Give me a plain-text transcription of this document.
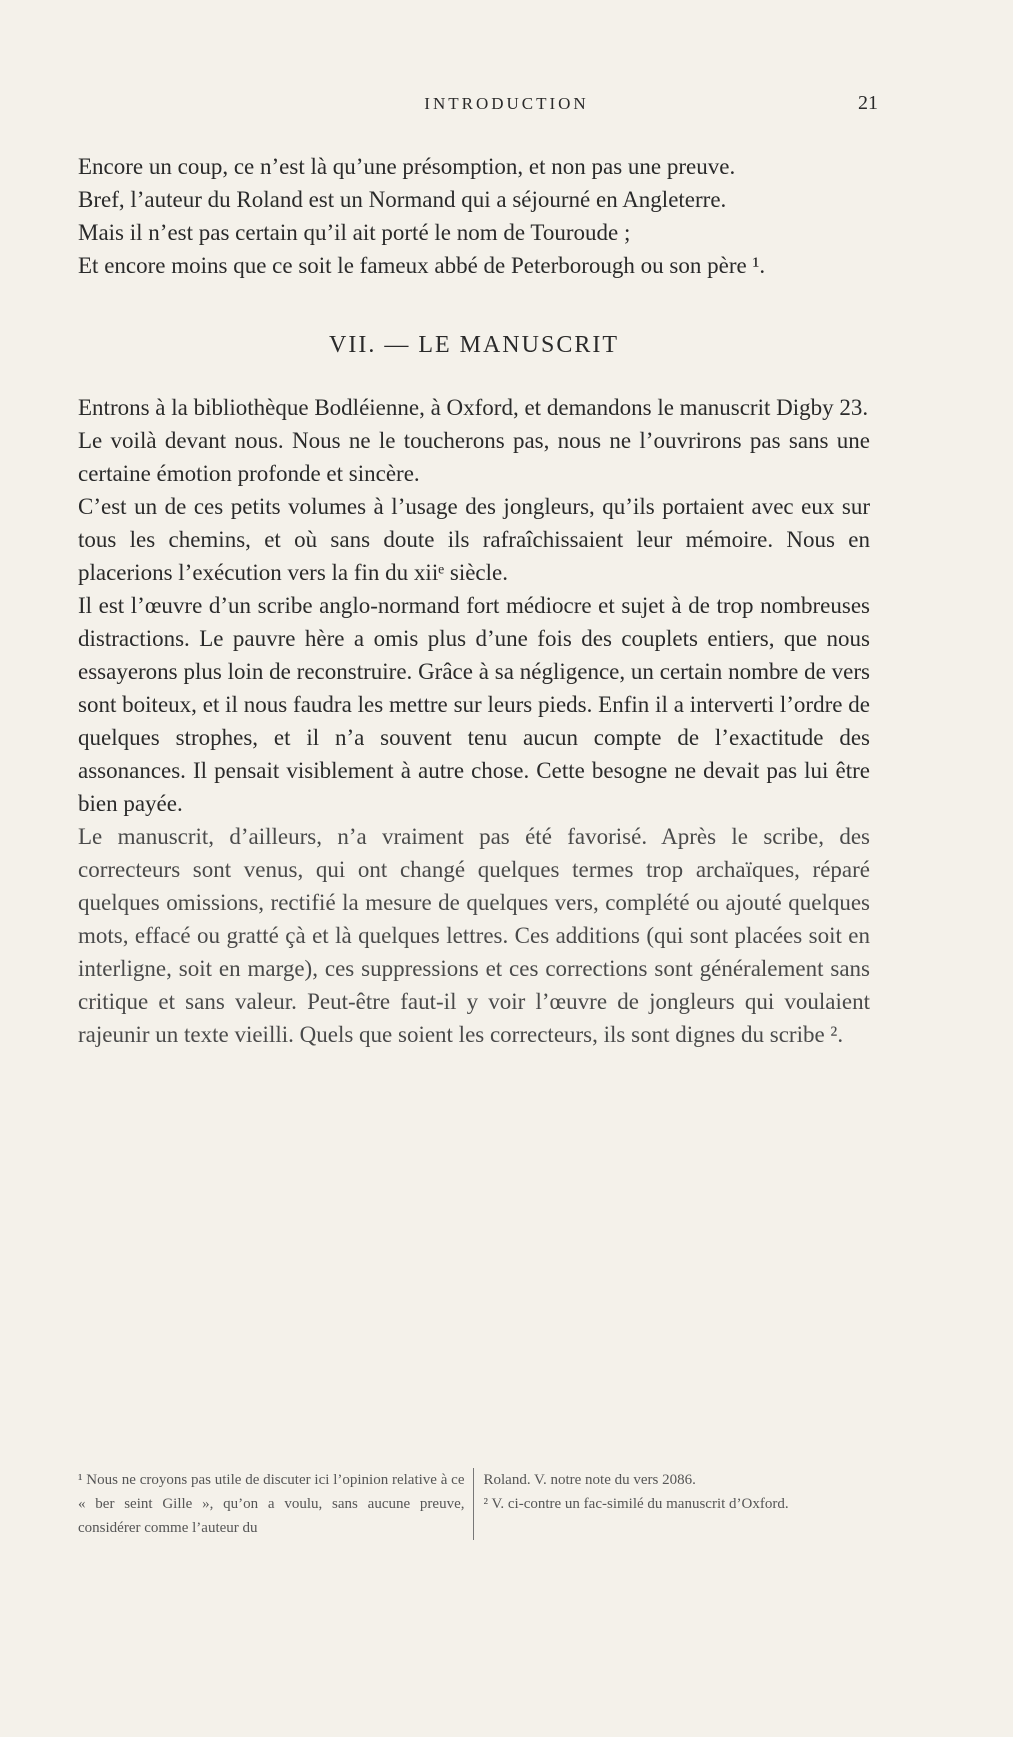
INTRODUCTION	21

Encore un coup, ce n’est là qu’une présomption, et non pas une preuve.

Bref, l’auteur du Roland est un Normand qui a séjourné en Angleterre.

Mais il n’est pas certain qu’il ait porté le nom de Touroude ;

Et encore moins que ce soit le fameux abbé de Peterborough ou son père ¹.

VII. — LE MANUSCRIT

Entrons à la bibliothèque Bodléienne, à Oxford, et demandons le manuscrit Digby 23.

Le voilà devant nous. Nous ne le toucherons pas, nous ne l’ouvrirons pas sans une certaine émotion profonde et sincère.

C’est un de ces petits volumes à l’usage des jongleurs, qu’ils portaient avec eux sur tous les chemins, et où sans doute ils rafraîchissaient leur mémoire. Nous en placerions l’exécution vers la fin du xiiᵉ siècle.

Il est l’œuvre d’un scribe anglo-normand fort médiocre et sujet à de trop nombreuses distractions. Le pauvre hère a omis plus d’une fois des couplets entiers, que nous essayerons plus loin de reconstruire. Grâce à sa négligence, un certain nombre de vers sont boiteux, et il nous faudra les mettre sur leurs pieds. Enfin il a interverti l’ordre de quelques strophes, et il n’a souvent tenu aucun compte de l’exactitude des assonances. Il pensait visiblement à autre chose. Cette besogne ne devait pas lui être bien payée.

Le manuscrit, d’ailleurs, n’a vraiment pas été favorisé. Après le scribe, des correcteurs sont venus, qui ont changé quelques termes trop archaïques, réparé quelques omissions, rectifié la mesure de quelques vers, complété ou ajouté quelques mots, effacé ou gratté çà et là quelques lettres. Ces additions (qui sont placées soit en interligne, soit en marge), ces suppressions et ces corrections sont généralement sans critique et sans valeur. Peut-être faut-il y voir l’œuvre de jongleurs qui voulaient rajeunir un texte vieilli. Quels que soient les correcteurs, ils sont dignes du scribe ².

¹ Nous ne croyons pas utile de discuter ici l’opinion relative à ce « ber seint Gille », qu’on a voulu, sans aucune preuve, considérer comme l’auteur du

Roland. V. notre note du vers 2086.

² V. ci-contre un fac-similé du manuscrit d’Oxford.
